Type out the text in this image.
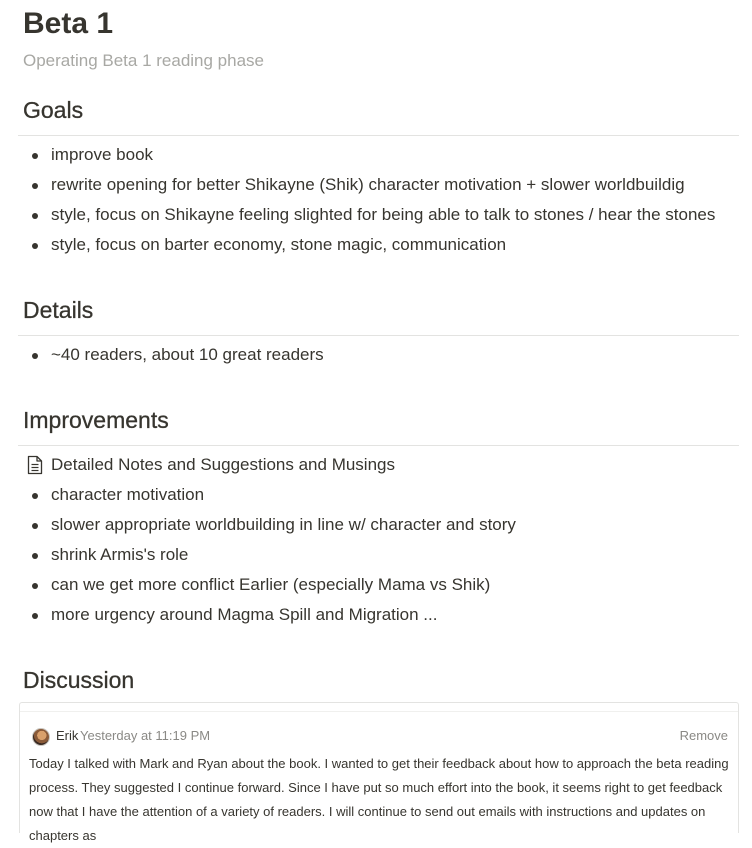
Beta 1
Operating Beta 1 reading phase
Goals
improve book
rewrite opening for better Shikayne (Shik) character motivation + slower worldbuildig
style, focus on Shikayne feeling slighted for being able to talk to stones / hear the stones
style, focus on barter economy, stone magic, communication
Details
~40 readers, about 10 great readers
Improvements
Detailed Notes and Suggestions and Musings
character motivation
slower appropriate worldbuilding in line w/ character and story
shrink Armis's role
can we get more conflict Earlier (especially Mama vs Shik)
more urgency around Magma Spill and Migration ...
Discussion
Erik Yesterday at 11:19 PM	Remove
Today I talked with Mark and Ryan about the book. I wanted to get their feedback about how to approach the beta reading process. They suggested I continue forward. Since I have put so much effort into the book, it seems right to get feedback now that I have the attention of a variety of readers. I will continue to send out emails with instructions and updates on chapters as
